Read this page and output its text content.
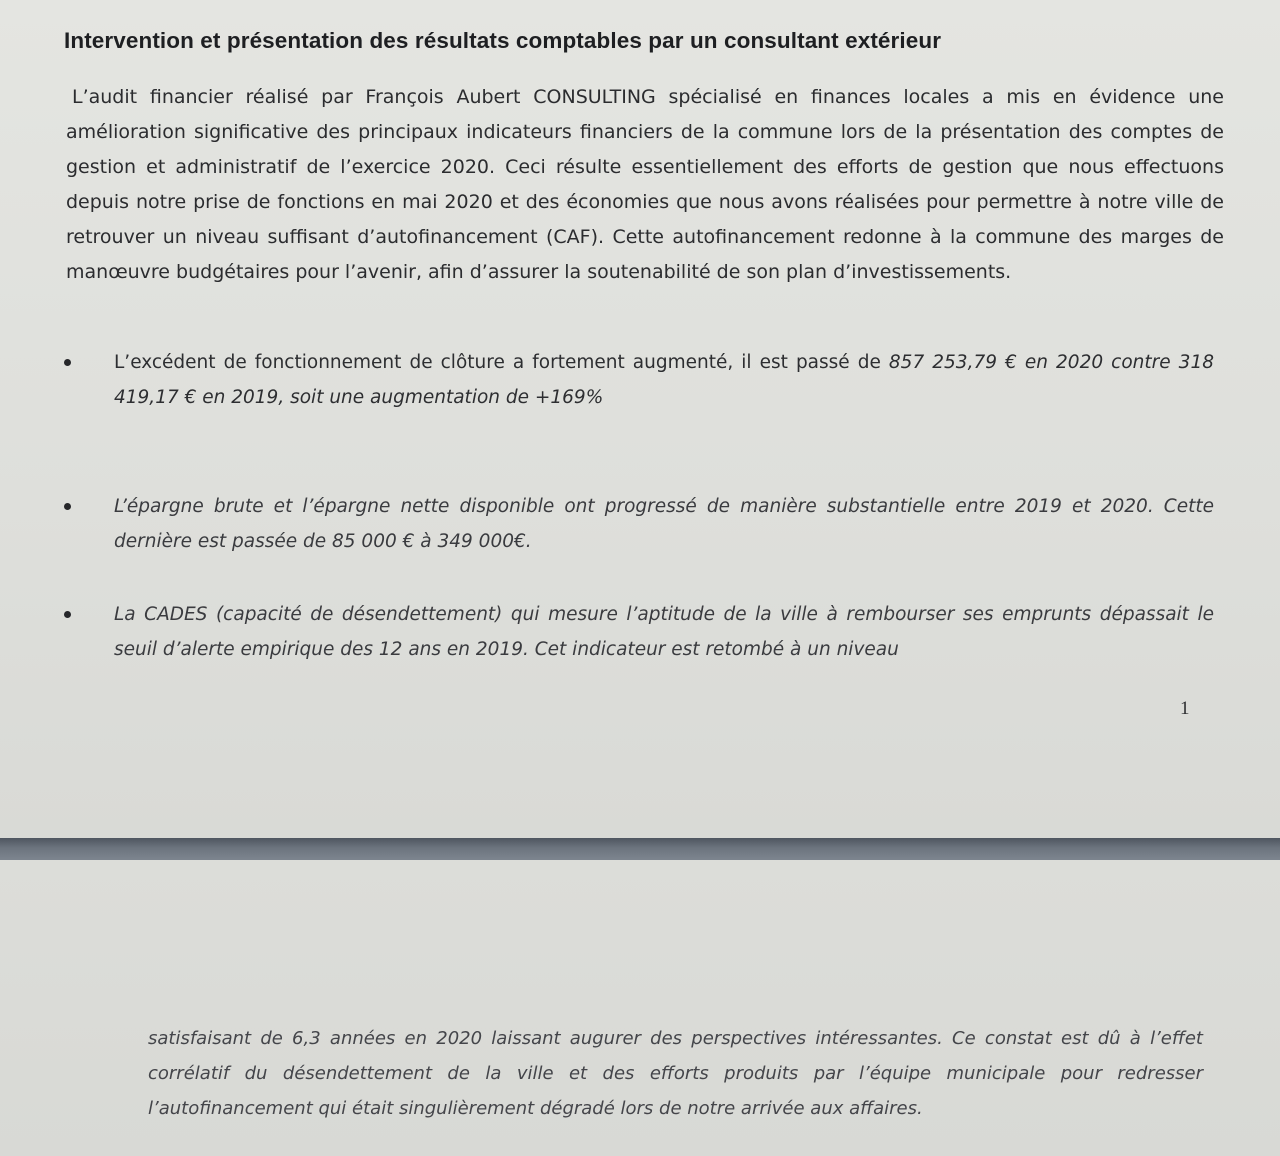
Intervention et présentation des résultats comptables par un consultant extérieur

L’audit financier réalisé par François Aubert CONSULTING spécialisé en finances locales a mis en évidence une amélioration significative des principaux indicateurs financiers de la commune lors de la présentation des comptes de gestion et administratif de l’exercice 2020. Ceci résulte essentiellement des efforts de gestion que nous effectuons depuis notre prise de fonctions en mai 2020 et des économies que nous avons réalisées pour permettre à notre ville de retrouver un niveau suffisant d’autofinancement (CAF). Cette autofinancement redonne à la commune des marges de manœuvre budgétaires pour l’avenir, afin d’assurer la soutenabilité de son plan d’investissements.

L’excédent de fonctionnement de clôture a fortement augmenté, il est passé de 857 253,79 € en 2020 contre 318 419,17 € en 2019, soit une augmentation de +169%

L’épargne brute et l’épargne nette disponible ont progressé de manière substantielle entre 2019 et 2020. Cette dernière est passée de 85 000 € à 349 000€.

La CADES (capacité de désendettement) qui mesure l’aptitude de la ville à rembourser ses emprunts dépassait le seuil d’alerte empirique des 12 ans en 2019. Cet indicateur est retombé à un niveau

1

satisfaisant de 6,3 années en 2020 laissant augurer des perspectives intéressantes. Ce constat est dû à l’effet corrélatif du désendettement de la ville et des efforts produits par l’équipe municipale pour redresser l’autofinancement qui était singulièrement dégradé lors de notre arrivée aux affaires.
